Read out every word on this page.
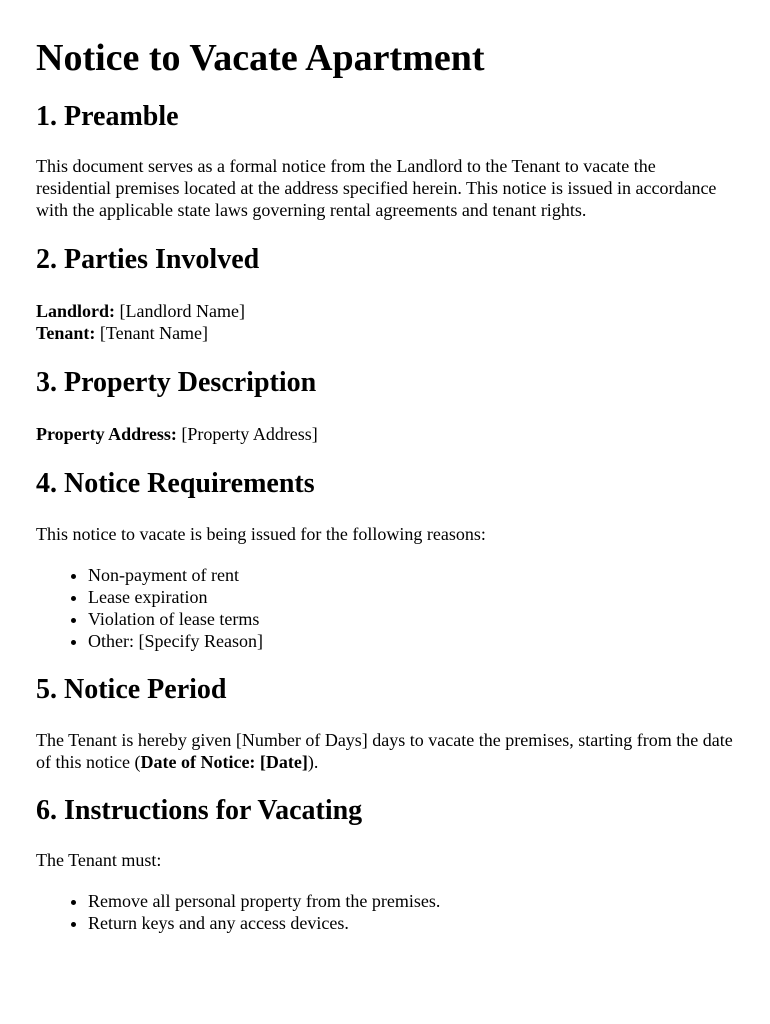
Notice to Vacate Apartment
1. Preamble

This document serves as a formal notice from the Landlord to the Tenant to vacate the residential premises located at the address specified herein. This notice is issued in accordance with the applicable state laws governing rental agreements and tenant rights.

2. Parties Involved

Landlord: [Landlord Name]
Tenant: [Tenant Name]

3. Property Description

Property Address: [Property Address]

4. Notice Requirements

This notice to vacate is being issued for the following reasons:

• Non-payment of rent
• Lease expiration
• Violation of lease terms
• Other: [Specify Reason]
5. Notice Period

The Tenant is hereby given [Number of Days] days to vacate the premises, starting from the date of this notice (Date of Notice: [Date]).

6. Instructions for Vacating

The Tenant must:

• Remove all personal property from the premises.
• Return keys and any access devices.
